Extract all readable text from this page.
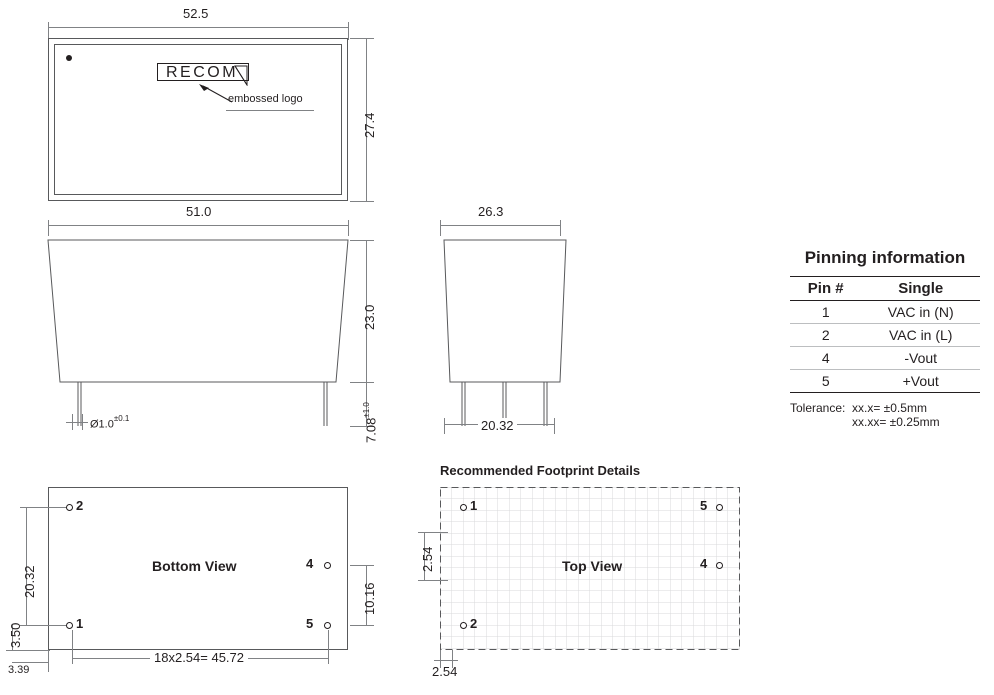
52.5
RECOM
embossed logo
27.4
51.0
23.0
$7.08^{\pm 1.0}$
$Ø1.0^{\pm 0.1}$
26.3
20.32
Bottom View
2
1
4
5
20.32
3.50
3.39
18x2.54= 45.72
10.16
Recommended Footprint Details
Top View
1
2
5
4
2.54
2.54
Pinning information
Pin #	Single
1	VAC in (N)
2	VAC in (L)
4	-Vout
5	+Vout
Tolerance: xx.x= ±0.5mm
xx.xx= ±0.25mm
